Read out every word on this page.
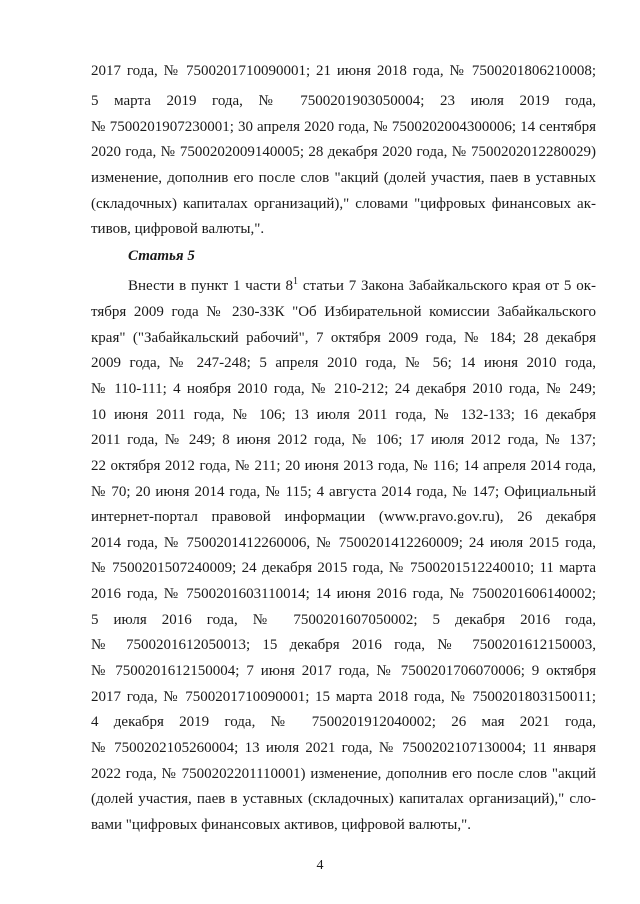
2017 года, № 7500201710090001; 21 июня 2018 года, № 7500201806210008;
5 марта 2019 года, № 7500201903050004; 23 июля 2019 года,
№ 7500201907230001; 30 апреля 2020 года, № 7500202004300006; 14 сентября
2020 года, № 7500202009140005; 28 декабря 2020 года, № 7500202012280029)
изменение, дополнив его после слов "акций (долей участия, паев в уставных
(складочных) капиталах организаций)," словами "цифровых финансовых ак-
тивов, цифровой валюты,".
Статья 5
Внести в пункт 1 части $8^1$ статьи 7 Закона Забайкальского края от 5 ок-
тября 2009 года № 230-ЗЗК "Об Избирательной комиссии Забайкальского
края" ("Забайкальский рабочий", 7 октября 2009 года, № 184; 28 декабря
2009 года, № 247-248; 5 апреля 2010 года, № 56; 14 июня 2010 года,
№ 110-111; 4 ноября 2010 года, № 210-212; 24 декабря 2010 года, № 249;
10 июня 2011 года, № 106; 13 июля 2011 года, № 132-133; 16 декабря
2011 года, № 249; 8 июня 2012 года, № 106; 17 июля 2012 года, № 137;
22 октября 2012 года, № 211; 20 июня 2013 года, № 116; 14 апреля 2014 года,
№ 70; 20 июня 2014 года, № 115; 4 августа 2014 года, № 147; Официальный
интернет-портал правовой информации (www.pravo.gov.ru), 26 декабря
2014 года, № 7500201412260006, № 7500201412260009; 24 июля 2015 года,
№ 7500201507240009; 24 декабря 2015 года, № 7500201512240010; 11 марта
2016 года, № 7500201603110014; 14 июня 2016 года, № 7500201606140002;
5 июля 2016 года, № 7500201607050002; 5 декабря 2016 года,
№ 7500201612050013; 15 декабря 2016 года, № 7500201612150003,
№ 7500201612150004; 7 июня 2017 года, № 7500201706070006; 9 октября
2017 года, № 7500201710090001; 15 марта 2018 года, № 7500201803150011;
4 декабря 2019 года, № 7500201912040002; 26 мая 2021 года,
№ 7500202105260004; 13 июля 2021 года, № 7500202107130004; 11 января
2022 года, № 7500202201110001) изменение, дополнив его после слов "акций
(долей участия, паев в уставных (складочных) капиталах организаций)," сло-
вами "цифровых финансовых активов, цифровой валюты,".
4
